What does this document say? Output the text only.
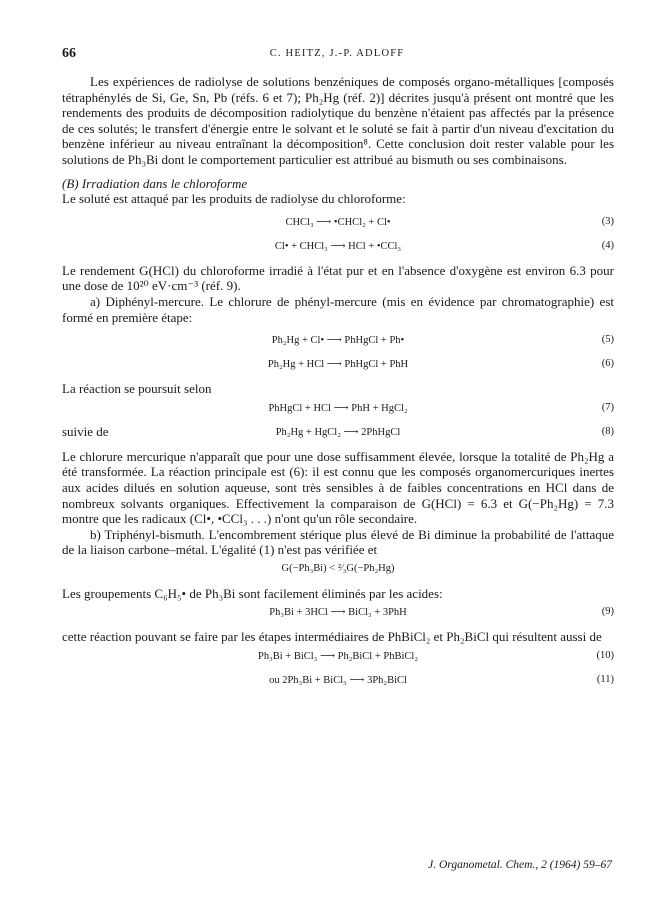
66	C. HEITZ, J.-P. ADLOFF

Les expériences de radiolyse de solutions benzéniques de composés organo-métalliques [composés tétraphénylés de Si, Ge, Sn, Pb (réfs. 6 et 7); Ph₂Hg (réf. 2)] décrites jusqu'à présent ont montré que les rendements des produits de décomposition radiolytique du benzène n'étaient pas affectés par la présence de ces solutés; le transfert d'énergie entre le solvant et le soluté se fait à partir d'un niveau d'excitation du benzène inférieur au niveau entraînant la décomposition⁸. Cette conclusion doit rester valable pour les solutions de Ph₃Bi dont le comportement particulier est attribué au bismuth ou ses combinaisons.

(B) Irradiation dans le chloroforme

Le soluté est attaqué par les produits de radiolyse du chloroforme:

CHCl₃ ⟶ •CHCl₂ + Cl•	(3)
Cl• + CHCl₃ ⟶ HCl + •CCl₃	(4)

Le rendement G(HCl) du chloroforme irradié à l'état pur et en l'absence d'oxygène est environ 6.3 pour une dose de 10²⁰ eV·cm⁻³ (réf. 9).

a) Diphényl-mercure. Le chlorure de phényl-mercure (mis en évidence par chromatographie) est formé en première étape:

Ph₂Hg + Cl• ⟶ PhHgCl + Ph•	(5)
Ph₂Hg + HCl ⟶ PhHgCl + PhH	(6)

La réaction se poursuit selon

PhHgCl + HCl ⟶ PhH + HgCl₂	(7)
suivie de	Ph₂Hg + HgCl₂ ⟶ 2PhHgCl	(8)

Le chlorure mercurique n'apparaît que pour une dose suffisamment élevée, lorsque la totalité de Ph₂Hg a été transformée. La réaction principale est (6): il est connu que les composés organomercuriques inertes aux acides dilués en solution aqueuse, sont très sensibles à de faibles concentrations en HCl dans de nombreux solvants organiques. Effectivement la comparaison de G(HCl) = 6.3 et G(−Ph₂Hg) = 7.3 montre que les radicaux (Cl•, •CCl₃ . . .) n'ont qu'un rôle secondaire.

b) Triphényl-bismuth. L'encombrement stérique plus élevé de Bi diminue la probabilité de l'attaque de la liaison carbone–métal. L'égalité (1) n'est pas vérifiée et

G(−Ph₃Bi) < ²⁄₃G(−Ph₂Hg)

Les groupements C₆H₅• de Ph₃Bi sont facilement éliminés par les acides:

Ph₃Bi + 3HCl ⟶ BiCl₃ + 3PhH	(9)

cette réaction pouvant se faire par les étapes intermédiaires de PhBiCl₂ et Ph₂BiCl qui résultent aussi de

Ph₃Bi + BiCl₃ ⟶ Ph₂BiCl + PhBiCl₂	(10)
ou 2Ph₃Bi + BiCl₃ ⟶ 3Ph₂BiCl	(11)
J. Organometal. Chem., 2 (1964) 59–67
